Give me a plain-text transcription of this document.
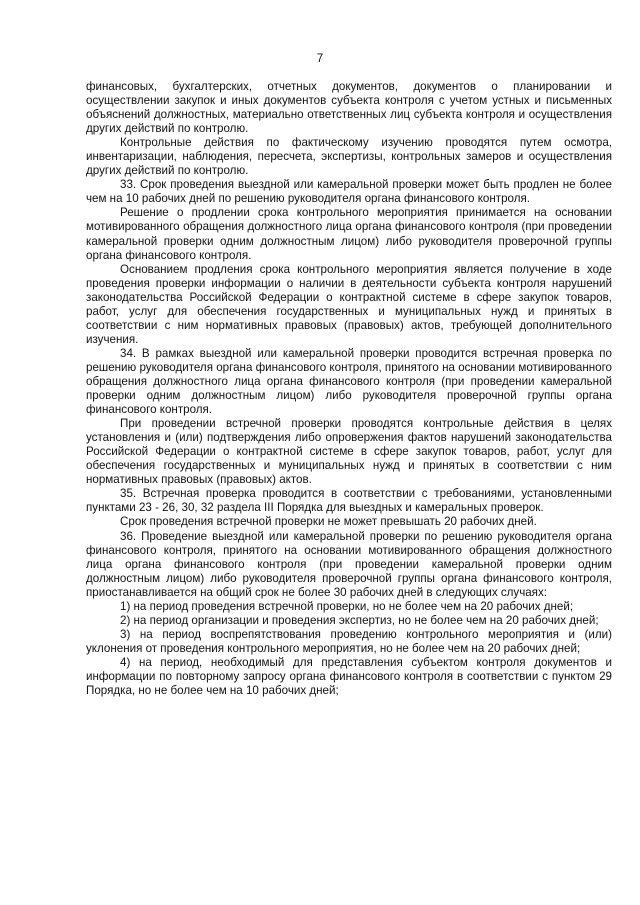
7

финансовых, бухгалтерских, отчетных документов, документов о планировании и осуществлении закупок и иных документов субъекта контроля с учетом устных и письменных объяснений должностных, материально ответственных лиц субъекта контроля и осуществления других действий по контролю.

Контрольные действия по фактическому изучению проводятся путем осмотра, инвентаризации, наблюдения, пересчета, экспертизы, контрольных замеров и осуществления других действий по контролю.

33. Срок проведения выездной или камеральной проверки может быть продлен не более чем на 10 рабочих дней по решению руководителя органа финансового контроля.

Решение о продлении срока контрольного мероприятия принимается на основании мотивированного обращения должностного лица органа финансового контроля (при проведении камеральной проверки одним должностным лицом) либо руководителя проверочной группы органа финансового контроля.

Основанием продления срока контрольного мероприятия является получение в ходе проведения проверки информации о наличии в деятельности субъекта контроля нарушений законодательства Российской Федерации о контрактной системе в сфере закупок товаров, работ, услуг для обеспечения государственных и муниципальных нужд и принятых в соответствии с ним нормативных правовых (правовых) актов, требующей дополнительного изучения.

34. В рамках выездной или камеральной проверки проводится встречная проверка по решению руководителя органа финансового контроля, принятого на основании мотивированного обращения должностного лица органа финансового контроля (при проведении камеральной проверки одним должностным лицом) либо руководителя проверочной группы органа финансового контроля.

При проведении встречной проверки проводятся контрольные действия в целях установления и (или) подтверждения либо опровержения фактов нарушений законодательства Российской Федерации о контрактной системе в сфере закупок товаров, работ, услуг для обеспечения государственных и муниципальных нужд и принятых в соответствии с ним нормативных правовых (правовых) актов.

35. Встречная проверка проводится в соответствии с требованиями, установленными пунктами 23 - 26, 30, 32 раздела III Порядка для выездных и камеральных проверок.

Срок проведения встречной проверки не может превышать 20 рабочих дней.

36. Проведение выездной или камеральной проверки по решению руководителя органа финансового контроля, принятого на основании мотивированного обращения должностного лица органа финансового контроля (при проведении камеральной проверки одним должностным лицом) либо руководителя проверочной группы органа финансового контроля, приостанавливается на общий срок не более 30 рабочих дней в следующих случаях:

1) на период проведения встречной проверки, но не более чем на 20 рабочих дней;

2) на период организации и проведения экспертиз, но не более чем на 20 рабочих дней;

3) на период воспрепятствования проведению контрольного мероприятия и (или) уклонения от проведения контрольного мероприятия, но не более чем на 20 рабочих дней;

4) на период, необходимый для представления субъектом контроля документов и информации по повторному запросу органа финансового контроля в соответствии с пунктом 29 Порядка, но не более чем на 10 рабочих дней;
